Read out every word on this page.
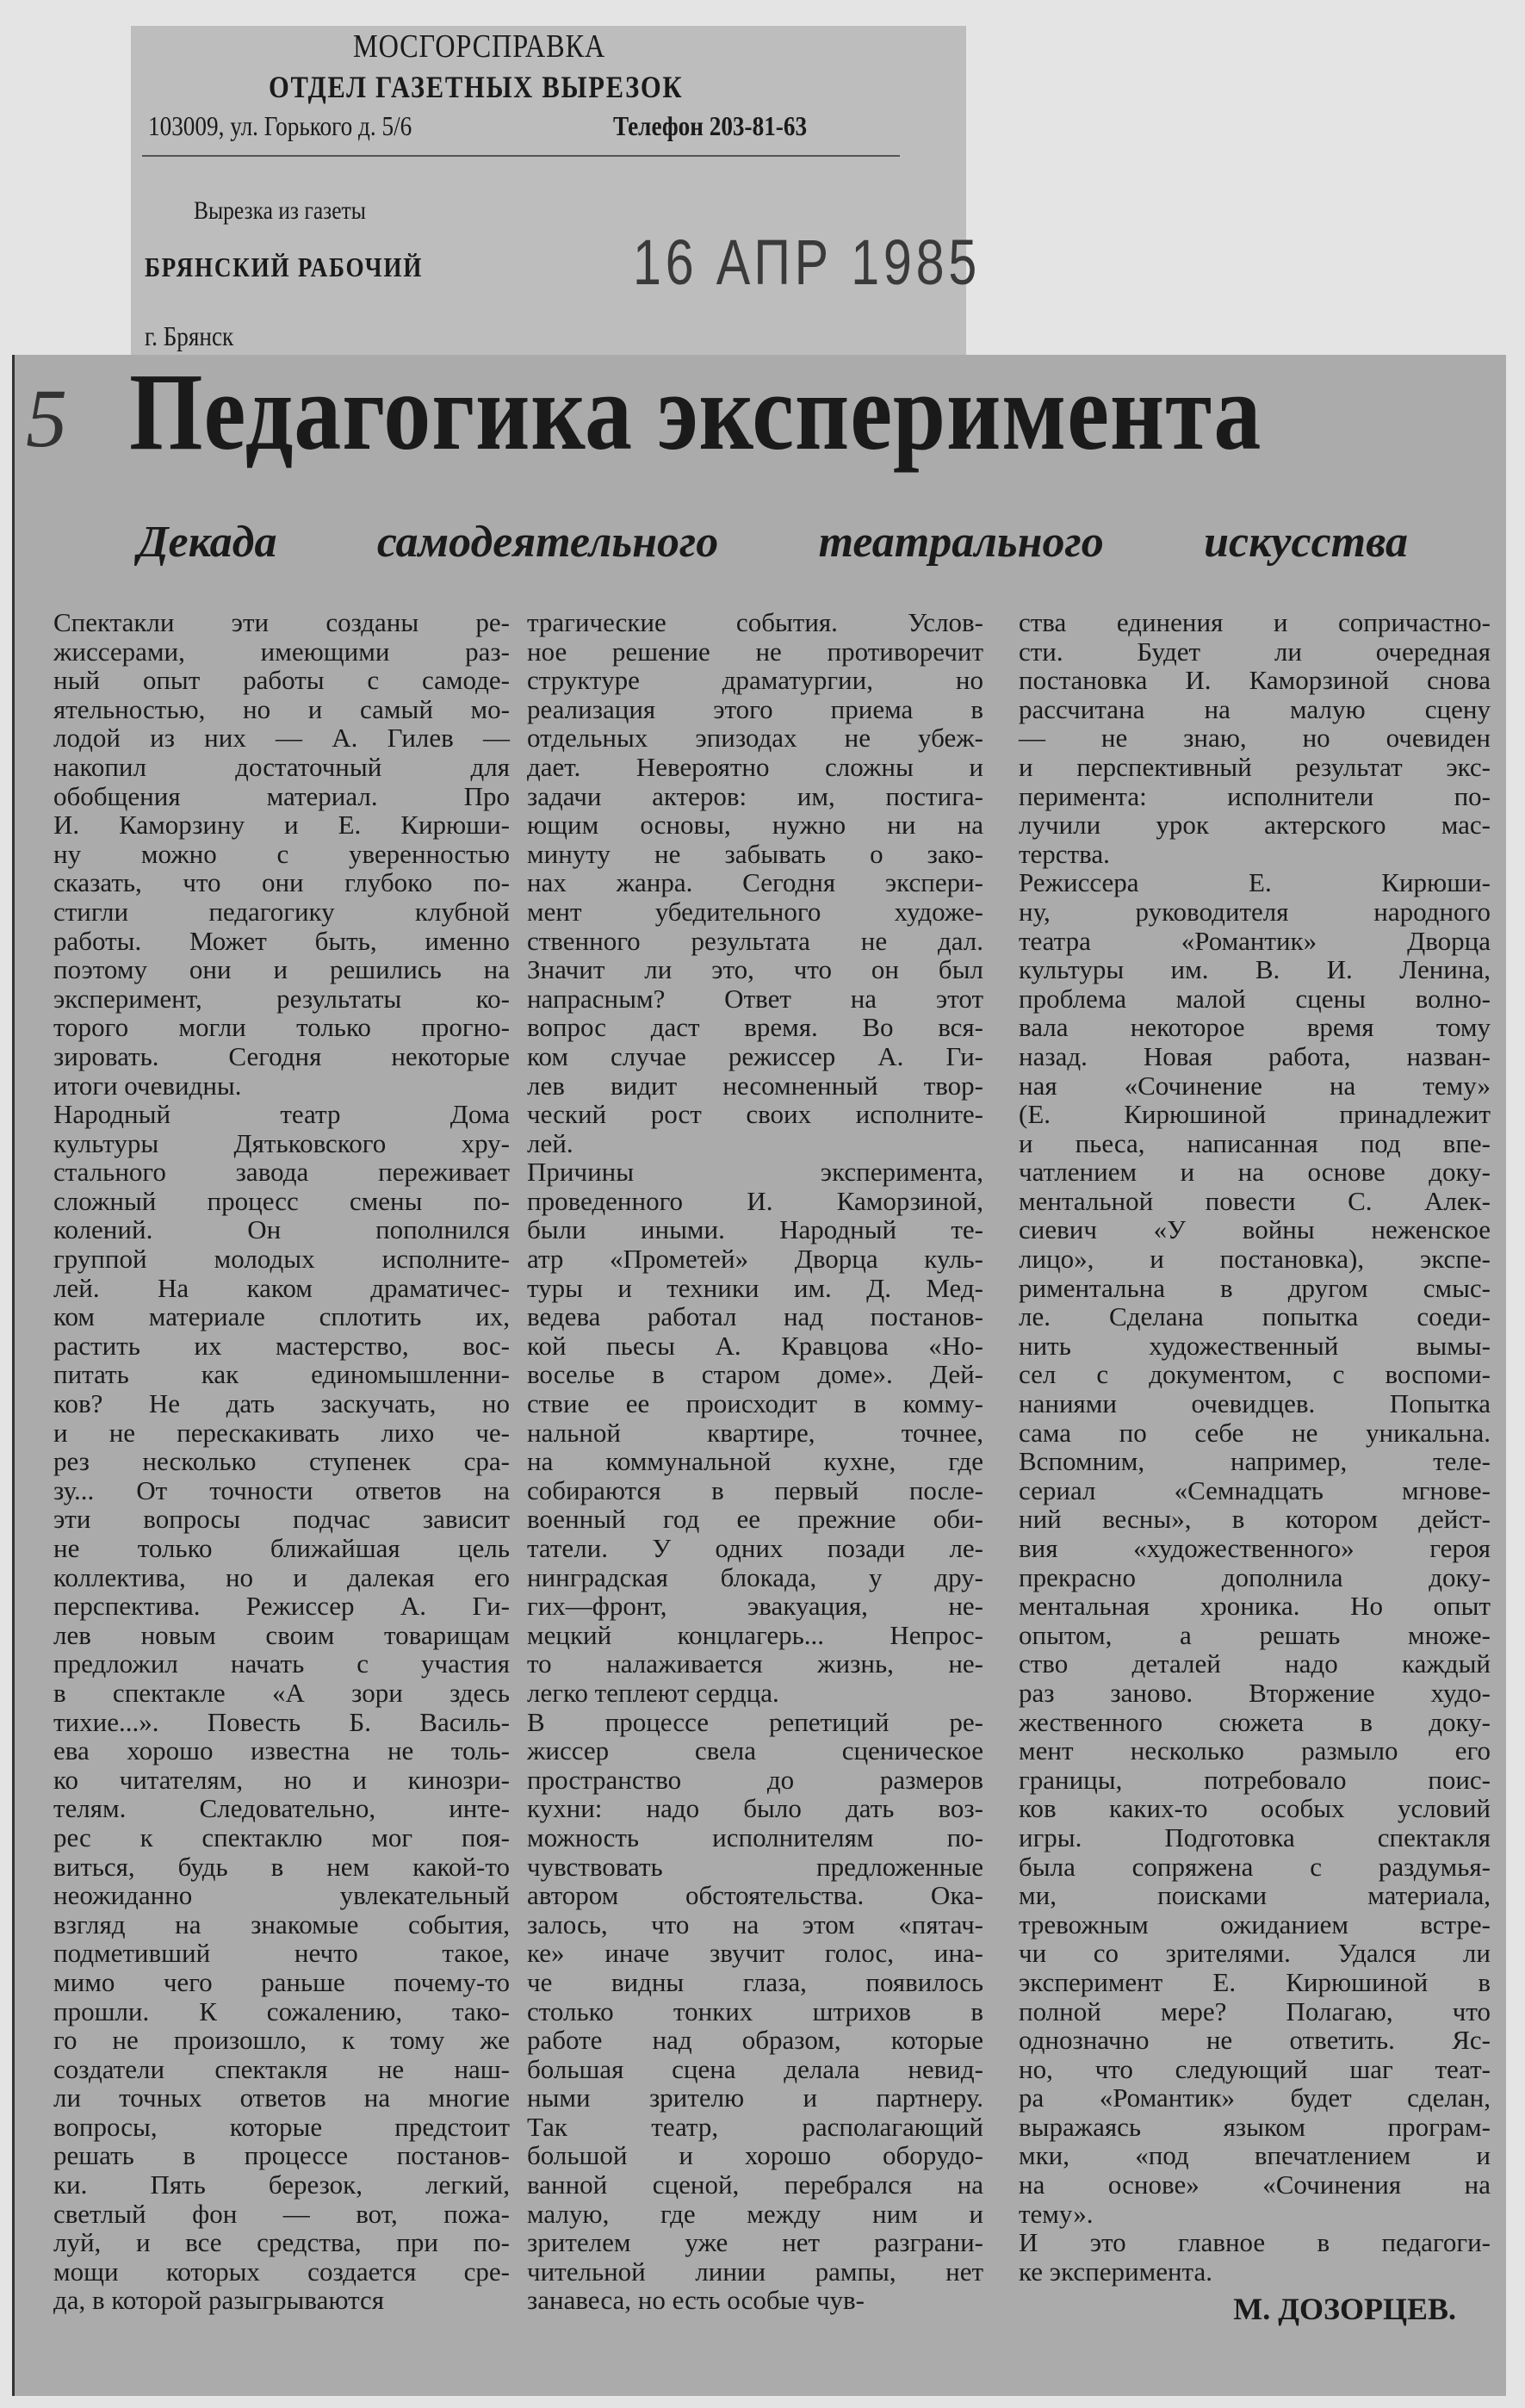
МОСГОРСПРАВКА
ОТДЕЛ ГАЗЕТНЫХ ВЫРЕЗОК
103009, ул. Горького д. 5/6	Телефон 203-81-63
Вырезка из газеты
БРЯНСКИЙ РАБОЧИЙ	16 АПР 1985
г. Брянск
5 Педагогика эксперимента
Декада самодеятельного театрального искусства
Спектакли эти созданы ре-
жиссерами, имеющими раз-
ный опыт работы с самоде-
ятельностью, но и самый мо-
лодой из них — А. Гилев —
накопил достаточный для
обобщения материал. Про
И. Каморзину и Е. Кирюши-
ну можно с уверенностью
сказать, что они глубоко по-
стигли педагогику клубной
работы. Может быть, именно
поэтому они и решились на
эксперимент, результаты ко-
торого могли только прогно-
зировать. Сегодня некоторые
итоги очевидны.
Народный театр Дома
культуры Дятьковского хру-
стального завода переживает
сложный процесс смены по-
колений. Он пополнился
группой молодых исполните-
лей. На каком драматичес-
ком материале сплотить их,
растить их мастерство, вос-
питать как единомышленни-
ков? Не дать заскучать, но
и не перескакивать лихо че-
рез несколько ступенек сра-
зу... От точности ответов на
эти вопросы подчас зависит
не только ближайшая цель
коллектива, но и далекая его
перспектива. Режиссер А. Ги-
лев новым своим товарищам
предложил начать с участия
в спектакле «А зори здесь
тихие...». Повесть Б. Василь-
ева хорошо известна не толь-
ко читателям, но и кинозри-
телям. Следовательно, инте-
рес к спектаклю мог поя-
виться, будь в нем какой-то
неожиданно увлекательный
взгляд на знакомые события,
подметивший нечто такое,
мимо чего раньше почему-то
прошли. К сожалению, тако-
го не произошло, к тому же
создатели спектакля не наш-
ли точных ответов на многие
вопросы, которые предстоит
решать в процессе постанов-
ки. Пять березок, легкий,
светлый фон — вот, пожа-
луй, и все средства, при по-
мощи которых создается сре-
да, в которой разыгрываются
трагические события. Услов-
ное решение не противоречит
структуре драматургии, но
реализация этого приема в
отдельных эпизодах не убеж-
дает. Невероятно сложны и
задачи актеров: им, постига-
ющим основы, нужно ни на
минуту не забывать о зако-
нах жанра. Сегодня экспери-
мент убедительного художе-
ственного результата не дал.
Значит ли это, что он был
напрасным? Ответ на этот
вопрос даст время. Во вся-
ком случае режиссер А. Ги-
лев видит несомненный твор-
ческий рост своих исполните-
лей.
Причины эксперимента,
проведенного И. Каморзиной,
были иными. Народный те-
атр «Прометей» Дворца куль-
туры и техники им. Д. Мед-
ведева работал над постанов-
кой пьесы А. Кравцова «Но-
воселье в старом доме». Дей-
ствие ее происходит в комму-
нальной квартире, точнее,
на коммунальной кухне, где
собираются в первый после-
военный год ее прежние оби-
татели. У одних позади ле-
нинградская блокада, у дру-
гих—фронт, эвакуация, не-
мецкий концлагерь... Непрос-
то налаживается жизнь, не-
легко теплеют сердца.
В процессе репетиций ре-
жиссер свела сценическое
пространство до размеров
кухни: надо было дать воз-
можность исполнителям по-
чувствовать предложенные
автором обстоятельства. Ока-
залось, что на этом «пятач-
ке» иначе звучит голос, ина-
че видны глаза, появилось
столько тонких штрихов в
работе над образом, которые
большая сцена делала невид-
ными зрителю и партнеру.
Так театр, располагающий
большой и хорошо оборудо-
ванной сценой, перебрался на
малую, где между ним и
зрителем уже нет разграни-
чительной линии рампы, нет
занавеса, но есть особые чув-
ства единения и сопричастно-
сти. Будет ли очередная
постановка И. Каморзиной снова
рассчитана на малую сцену
— не знаю, но очевиден
и перспективный результат экс-
перимента: исполнители по-
лучили урок актерского мас-
терства.
Режиссера Е. Кирюши-
ну, руководителя народного
театра «Романтик» Дворца
культуры им. В. И. Ленина,
проблема малой сцены волно-
вала некоторое время тому
назад. Новая работа, назван-
ная «Сочинение на тему»
(Е. Кирюшиной принадлежит
и пьеса, написанная под впе-
чатлением и на основе доку-
ментальной повести С. Алек-
сиевич «У войны неженское
лицо», и постановка), экспе-
риментальна в другом смыс-
ле. Сделана попытка соеди-
нить художественный вымы-
сел с документом, с воспоми-
наниями очевидцев. Попытка
сама по себе не уникальна.
Вспомним, например, теле-
сериал «Семнадцать мгнове-
ний весны», в котором дейст-
вия «художественного» героя
прекрасно дополнила доку-
ментальная хроника. Но опыт
опытом, а решать множе-
ство деталей надо каждый
раз заново. Вторжение худо-
жественного сюжета в доку-
мент несколько размыло его
границы, потребовало поис-
ков каких-то особых условий
игры. Подготовка спектакля
была сопряжена с раздумья-
ми, поисками материала,
тревожным ожиданием встре-
чи со зрителями. Удался ли
эксперимент Е. Кирюшиной в
полной мере? Полагаю, что
однозначно не ответить. Яс-
но, что следующий шаг теат-
ра «Романтик» будет сделан,
выражаясь языком програм-
мки, «под впечатлением и
на основе» «Сочинения на
тему».
И это главное в педагоги-
ке эксперимента.
М. ДОЗОРЦЕВ.
